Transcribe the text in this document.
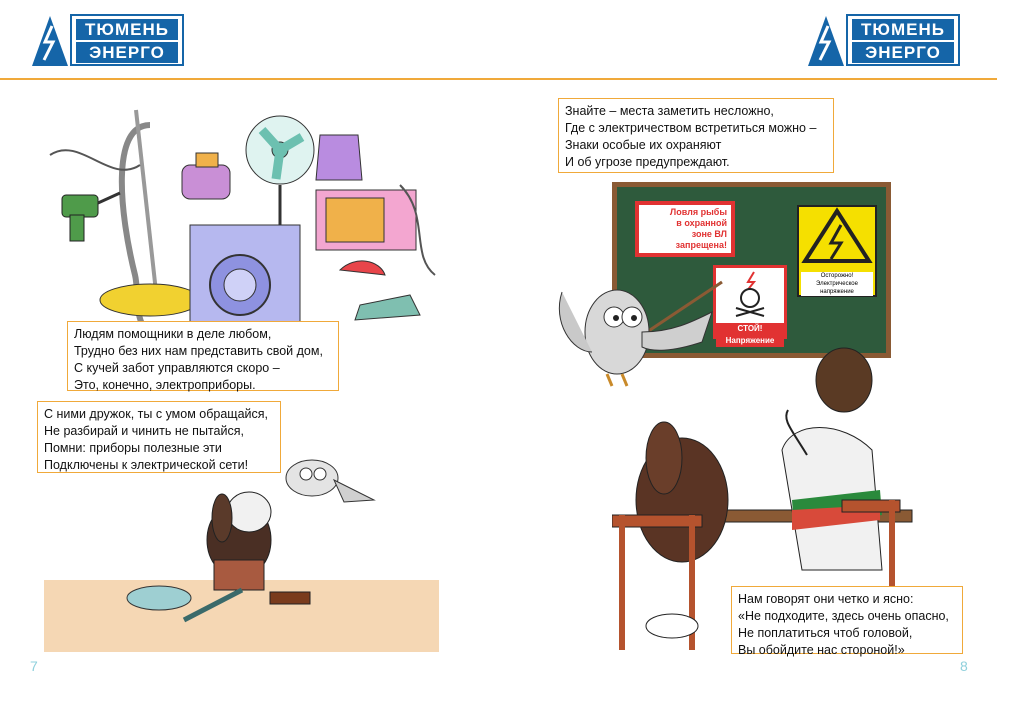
ТЮМЕНЬ
ЭНЕРГО
ТЮМЕНЬ
ЭНЕРГО
Людям помощники в деле любом,
Трудно без них нам представить свой дом,
С кучей забот управляются скоро –
Это, конечно, электроприборы.
С ними дружок, ты с умом обращайся,
Не разбирай и чинить не пытайся,
Помни: приборы полезные эти
Подключены к электрической сети!
7
Знайте – места заметить несложно,
Где с электричеством встретиться можно –
Знаки особые их охраняют
И об угрозе предупреждают.
Ловля рыбы
в охранной
зоне ВЛ
запрещена!
СТОЙ! Напряжение
Осторожно!
Электрическое напряжение
Нам говорят они четко и ясно:
«Не подходите, здесь очень опасно,
Не поплатиться чтоб головой,
Вы обойдите нас стороной!»
8
